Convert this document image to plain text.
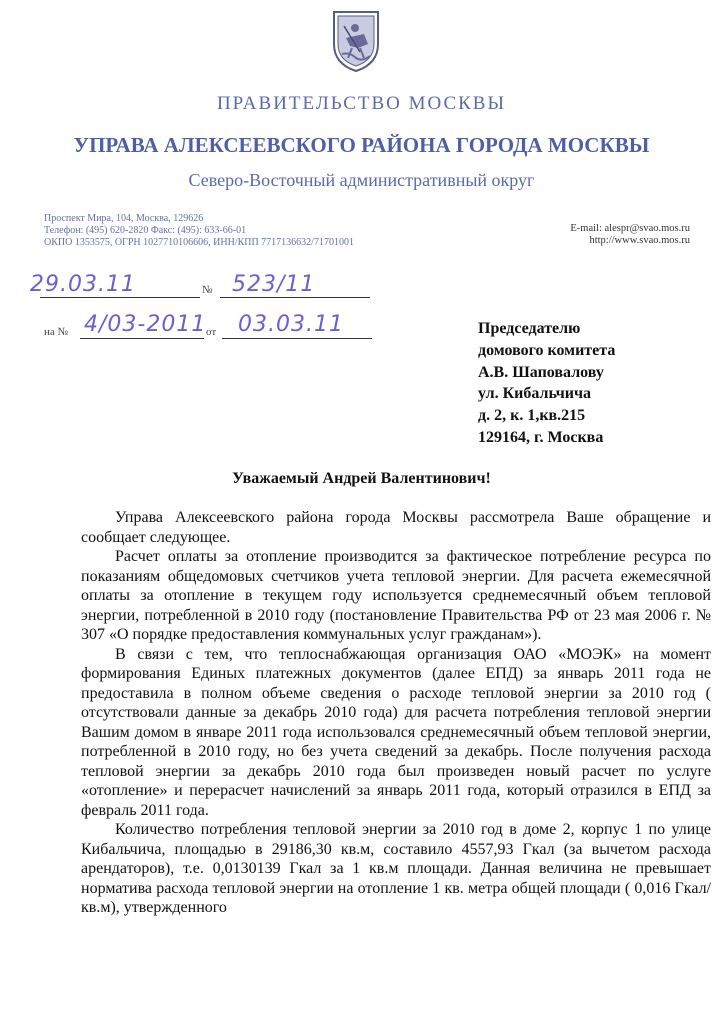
ПРАВИТЕЛЬСТВО МОСКВЫ
УПРАВА АЛЕКСЕЕВСКОГО РАЙОНА ГОРОДА МОСКВЫ
Северо-Восточный административный округ
Проспект Мира, 104, Москва, 129626
Телефон: (495) 620-2820 Факс: (495): 633-66-01
ОКПО 1353575, ОГРН 1027710106606, ИНН/КПП 7717136632/71701001
E-mail: alespr@svao.mos.ru
http://www.svao.mos.ru
29.03.11	№ 523/11
на № 4/03-2011 от 03.03.11	Председателю
домового комитета
А.В. Шаповалову
ул. Кибальчича
д. 2, к. 1,кв.215
129164, г. Москва
Уважаемый Андрей Валентинович!

Управа Алексеевского района города Москвы рассмотрела Ваше обращение и сообщает следующее.

Расчет оплаты за отопление производится за фактическое потребление ресурса по показаниям общедомовых счетчиков учета тепловой энергии. Для расчета ежемесячной оплаты за отопление в текущем году используется среднемесячный объем тепловой энергии, потребленной в 2010 году (постановление Правительства РФ от 23 мая 2006 г. № 307 «О порядке предоставления коммунальных услуг гражданам»).

В связи с тем, что теплоснабжающая организация ОАО «МОЭК» на момент формирования Единых платежных документов (далее ЕПД) за январь 2011 года не предоставила в полном объеме сведения о расходе тепловой энергии за 2010 год ( отсутствовали данные за декабрь 2010 года) для расчета потребления тепловой энергии Вашим домом в январе 2011 года использовался среднемесячный объем тепловой энергии, потребленной в 2010 году, но без учета сведений за декабрь. После получения расхода тепловой энергии за декабрь 2010 года был произведен новый расчет по услуге «отопление» и перерасчет начислений за январь 2011 года, который отразился в ЕПД за февраль 2011 года.

Количество потребления тепловой энергии за 2010 год в доме 2, корпус 1 по улице Кибальчича, площадью в 29186,30 кв.м, составило 4557,93 Гкал (за вычетом расхода арендаторов), т.е. 0,0130139 Гкал за 1 кв.м площади. Данная величина не превышает норматива расхода тепловой энергии на отопление 1 кв. метра общей площади ( 0,016 Гкал/кв.м), утвержденного
